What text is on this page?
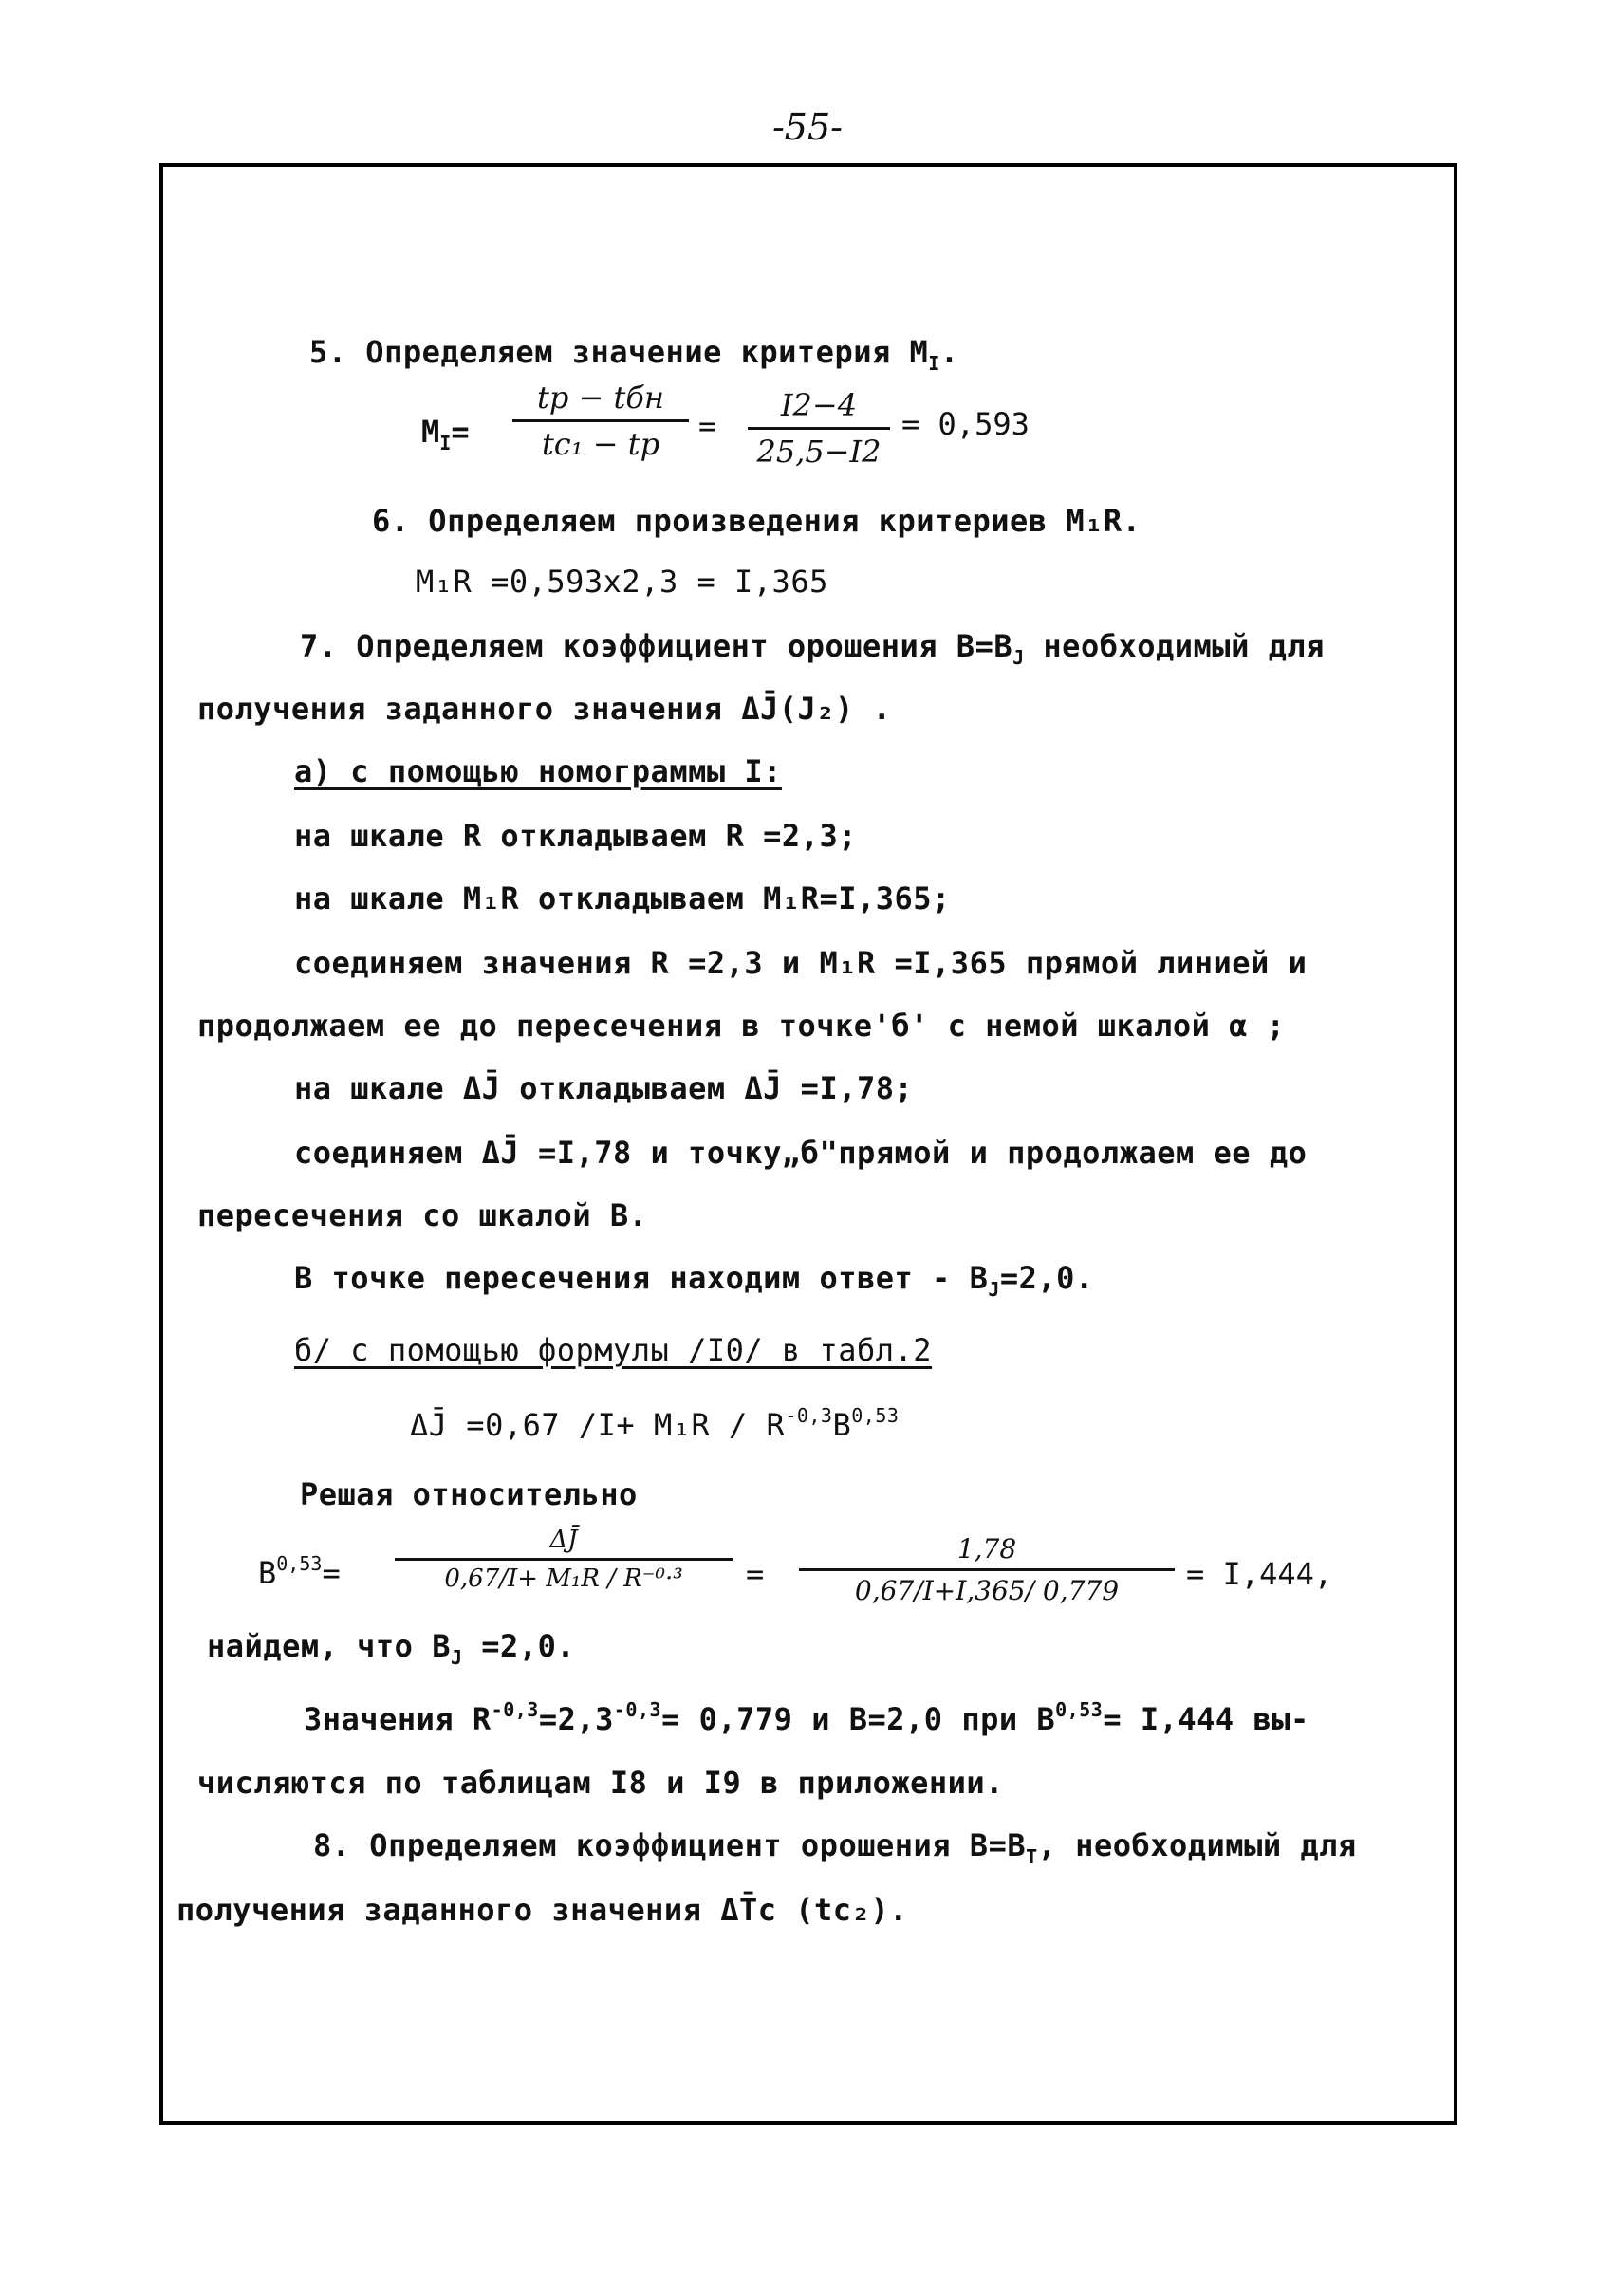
-55-
5. Определяем значение критерия $М_I$.
$М_I=$
tр − tбн
tc₁ − tр	= $\frac{I2-4}{25,5-I2} = 0,593$
6. Определяем произведения критериев М₁R.
М₁R =0,593х2,3 = I,365
7. Определяем коэффициент орошения $В=В_J$ необходимый для
получения заданного значения ΔJ̄(J₂) .
а) с помощью номограммы I:
на шкале R откладываем R =2,3;
на шкале М₁R откладываем М₁R=I,365;
соединяем значения R =2,3 и М₁R =I,365 прямой линией и
продолжаем ее до пересечения в точке'б' с немой шкалой α ;
на шкале ΔJ̄ откладываем ΔJ̄ =I,78;
соединяем ΔJ̄ =I,78 и точку„б"прямой и продолжаем ее до
пересечения со шкалой В.
В точке пересечения находим ответ - $В_J=2,0$.
б/ с помощью формулы /I0/ в табл.2
ΔJ̄ =0,67 $/I+ М_1R / R^{-0,3}B^{0,53}$
Решая относительно
B$^{0,53}$=
ΔJ̄
0,67/I+ М₁R / R⁻⁰·³	= $\frac{1,78}{0,67/I+I,365/ 0,779} = I,444$,
найдем, что $В_J =2,0$.
Значения $R^{-0,3}=2,3^{-0,3}= 0,779$ и В=2,0 при В$^{0,53}$= I,444 вы-
числяются по таблицам I8 и I9 в приложении.
8. Определяем коэффициент орошения $В=В_T$, необходимый для
получения заданного значения ΔT̄c (tc₂).
